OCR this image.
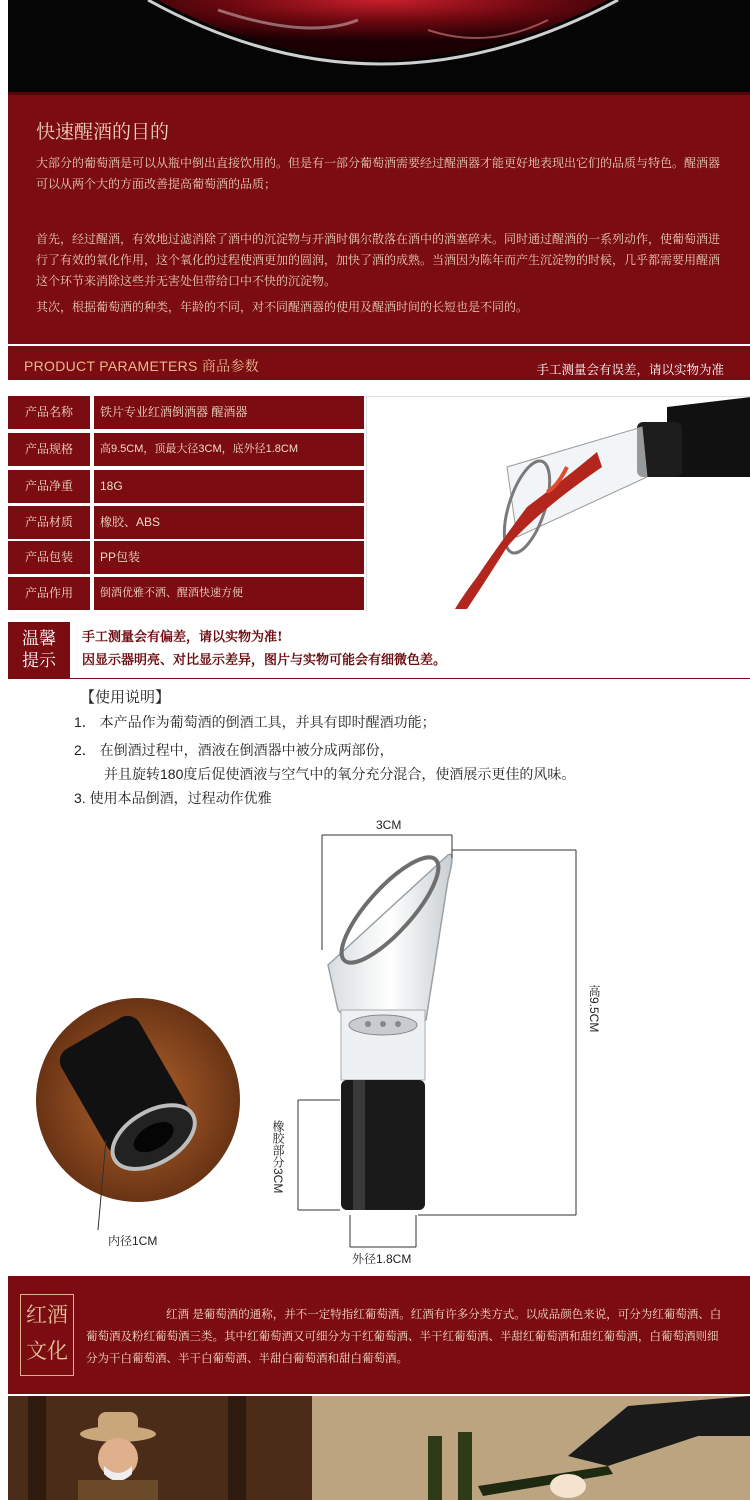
快速醒酒的目的

大部分的葡萄酒是可以从瓶中倒出直接饮用的。但是有一部分葡萄酒需要经过醒酒器才能更好地表现出它们的品质与特色。醒酒器可以从两个大的方面改善提高葡萄酒的品质；

首先，经过醒酒，有效地过滤消除了酒中的沉淀物与开酒时偶尔散落在酒中的酒塞碎末。同时通过醒酒的一系列动作，使葡萄酒进行了有效的氧化作用，这个氧化的过程使酒更加的圆润，加快了酒的成熟。当酒因为陈年而产生沉淀物的时候，几乎都需要用醒酒这个环节来消除这些并无害处但带给口中不快的沉淀物。

其次，根据葡萄酒的种类，年龄的不同，对不同醒酒器的使用及醒酒时间的长短也是不同的。

PRODUCT PARAMETERS 商品参数	手工测量会有误差，请以实物为准
产品名称	铁片专业红酒倒酒器 醒酒器
产品规格	高9.5CM，顶最大径3CM，底外径1.8CM
产品净重	18G
产品材质	橡胶、ABS
产品包装	PP包装
产品作用	倒酒优雅不洒、醒酒快速方便
温馨
提示
手工测量会有偏差，请以实物为准!
因显示器明亮、对比显示差异，图片与实物可能会有细微色差。
【使用说明】
1． 本产品作为葡萄酒的倒酒工具，并具有即时醒酒功能；
2． 在倒酒过程中，酒液在倒酒器中被分成两部份，
并且旋转180度后促使酒液与空气中的氧分充分混合，使酒展示更佳的风味。
3. 使用本品倒酒，过程动作优雅
3CM
高9.5CM
橡胶部分3CM
外径1.8CM
内径1CM
红酒文化
红酒 是葡萄酒的通称，并不一定特指红葡萄酒。红酒有许多分类方式。以成品颜色来说，可分为红葡萄酒、白葡萄酒及粉红葡萄酒三类。其中红葡萄酒又可细分为干红葡萄酒、半干红葡萄酒、半甜红葡萄酒和甜红葡萄酒，白葡萄酒则细分为干白葡萄酒、半干白葡萄酒、半甜白葡萄酒和甜白葡萄酒。
